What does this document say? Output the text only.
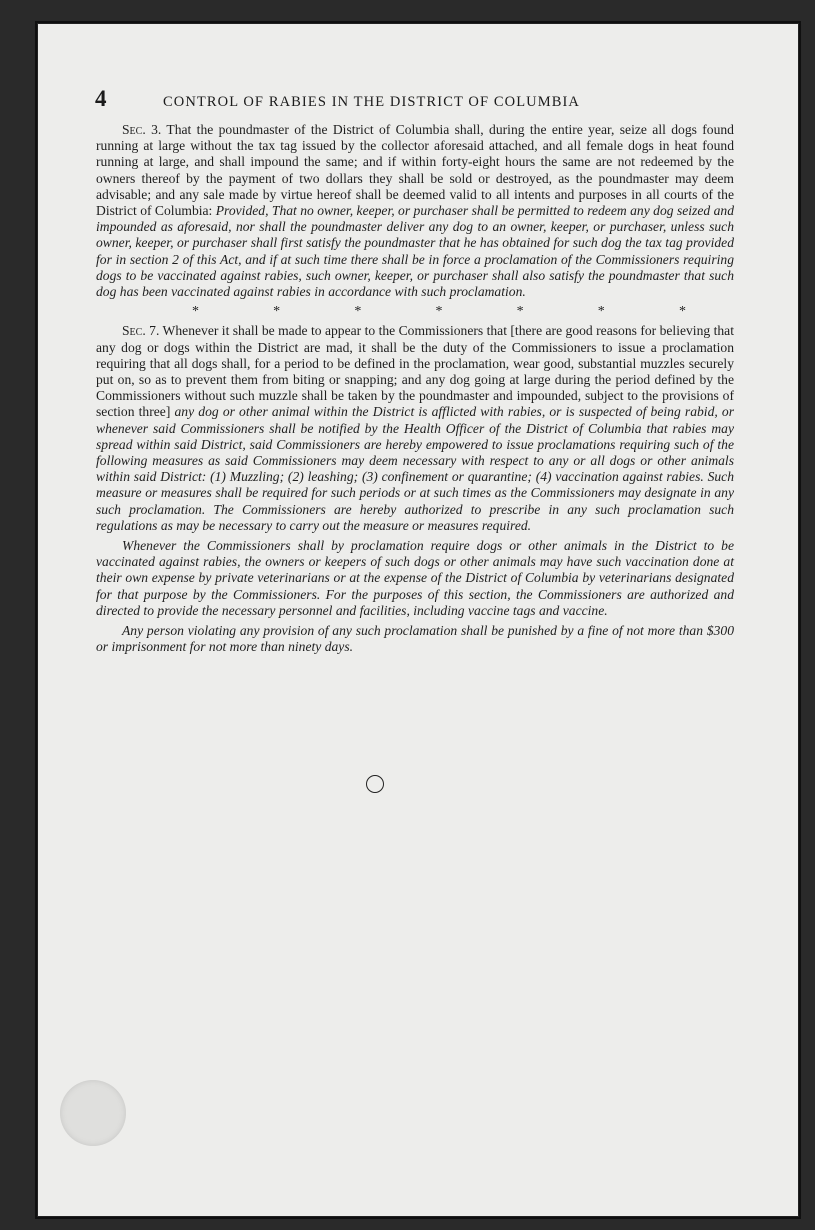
4	CONTROL OF RABIES IN THE DISTRICT OF COLUMBIA

Sec. 3. That the poundmaster of the District of Columbia shall, during the entire year, seize all dogs found running at large without the tax tag issued by the collector aforesaid attached, and all female dogs in heat found running at large, and shall impound the same; and if within forty-eight hours the same are not redeemed by the owners thereof by the payment of two dollars they shall be sold or destroyed, as the poundmaster may deem advisable; and any sale made by virtue hereof shall be deemed valid to all intents and purposes in all courts of the District of Columbia: Provided, That no owner, keeper, or purchaser shall be permitted to redeem any dog seized and impounded as aforesaid, nor shall the poundmaster deliver any dog to an owner, keeper, or purchaser, unless such owner, keeper, or purchaser shall first satisfy the poundmaster that he has obtained for such dog the tax tag provided for in section 2 of this Act, and if at such time there shall be in force a proclamation of the Commissioners requiring dogs to be vaccinated against rabies, such owner, keeper, or purchaser shall also satisfy the poundmaster that such dog has been vaccinated against rabies in accordance with such proclamation.

*	*	*	*	*	*	*

Sec. 7. Whenever it shall be made to appear to the Commissioners that [there are good reasons for believing that any dog or dogs within the District are mad, it shall be the duty of the Commissioners to issue a proclamation requiring that all dogs shall, for a period to be defined in the proclamation, wear good, substantial muzzles securely put on, so as to prevent them from biting or snapping; and any dog going at large during the period defined by the Commissioners without such muzzle shall be taken by the poundmaster and impounded, subject to the provisions of section three] any dog or other animal within the District is afflicted with rabies, or is suspected of being rabid, or whenever said Commissioners shall be notified by the Health Officer of the District of Columbia that rabies may spread within said District, said Commissioners are hereby empowered to issue proclamations requiring such of the following measures as said Commissioners may deem necessary with respect to any or all dogs or other animals within said District: (1) Muzzling; (2) leashing; (3) confinement or quarantine; (4) vaccination against rabies. Such measure or measures shall be required for such periods or at such times as the Commissioners may designate in any such proclamation. The Commissioners are hereby authorized to prescribe in any such proclamation such regulations as may be necessary to carry out the measure or measures required.

Whenever the Commissioners shall by proclamation require dogs or other animals in the District to be vaccinated against rabies, the owners or keepers of such dogs or other animals may have such vaccination done at their own expense by private veterinarians or at the expense of the District of Columbia by veterinarians designated for that purpose by the Commissioners. For the purposes of this section, the Commissioners are authorized and directed to provide the necessary personnel and facilities, including vaccine tags and vaccine.

Any person violating any provision of any such proclamation shall be punished by a fine of not more than $300 or imprisonment for not more than ninety days.
